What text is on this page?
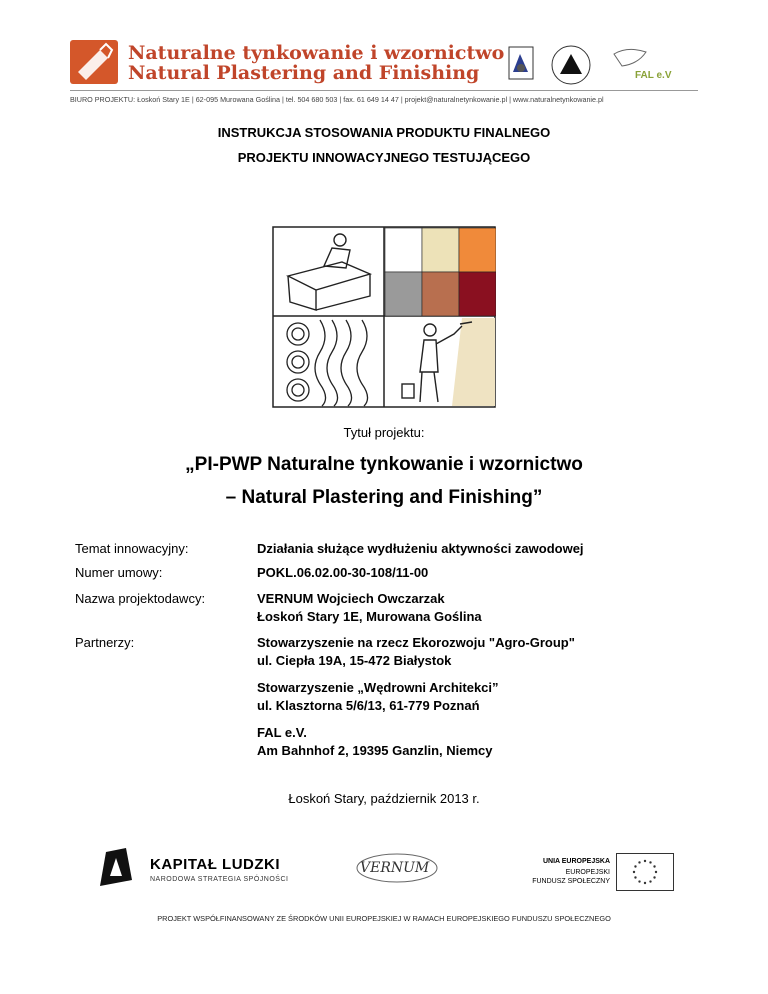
Naturalne tynkowanie i wzornictwo
Natural Plastering and Finishing	FAL e.V
BIURO PROJEKTU: Łoskoń Stary 1E | 62-095 Murowana Goślina | tel. 504 680 503 | fax. 61 649 14 47 | projekt@naturalnetynkowanie.pl | www.naturalnetynkowanie.pl
INSTRUKCJA STOSOWANIA PRODUKTU FINALNEGO
PROJEKTU INNOWACYJNEGO TESTUJĄCEGO
Tytuł projektu:
„PI-PWP Naturalne tynkowanie i wzornictwo
– Natural Plastering and Finishing”
Temat innowacyjny:	Działania służące wydłużeniu aktywności zawodowej
Numer umowy:	POKL.06.02.00-30-108/11-00
Nazwa projektodawcy:	VERNUM Wojciech Owczarzak
Łoskoń Stary 1E, Murowana Goślina
Partnerzy:	Stowarzyszenie na rzecz Ekorozwoju "Agro-Group"
ul. Ciepła 19A, 15-472 Białystok
Stowarzyszenie „Wędrowni Architekci”
ul. Klasztorna 5/6/13, 61-779 Poznań
FAL e.V.
Am Bahnhof 2, 19395 Ganzlin, Niemcy
Łoskoń Stary, październik 2013 r.
KAPITAŁ LUDZKI
NARODOWA STRATEGIA SPÓJNOŚCI
VERNUM	UNIA EUROPEJSKA
EUROPEJSKI
FUNDUSZ SPOŁECZNY
PROJEKT WSPÓŁFINANSOWANY ZE ŚRODKÓW UNII EUROPEJSKIEJ W RAMACH EUROPEJSKIEGO FUNDUSZU SPOŁECZNEGO
